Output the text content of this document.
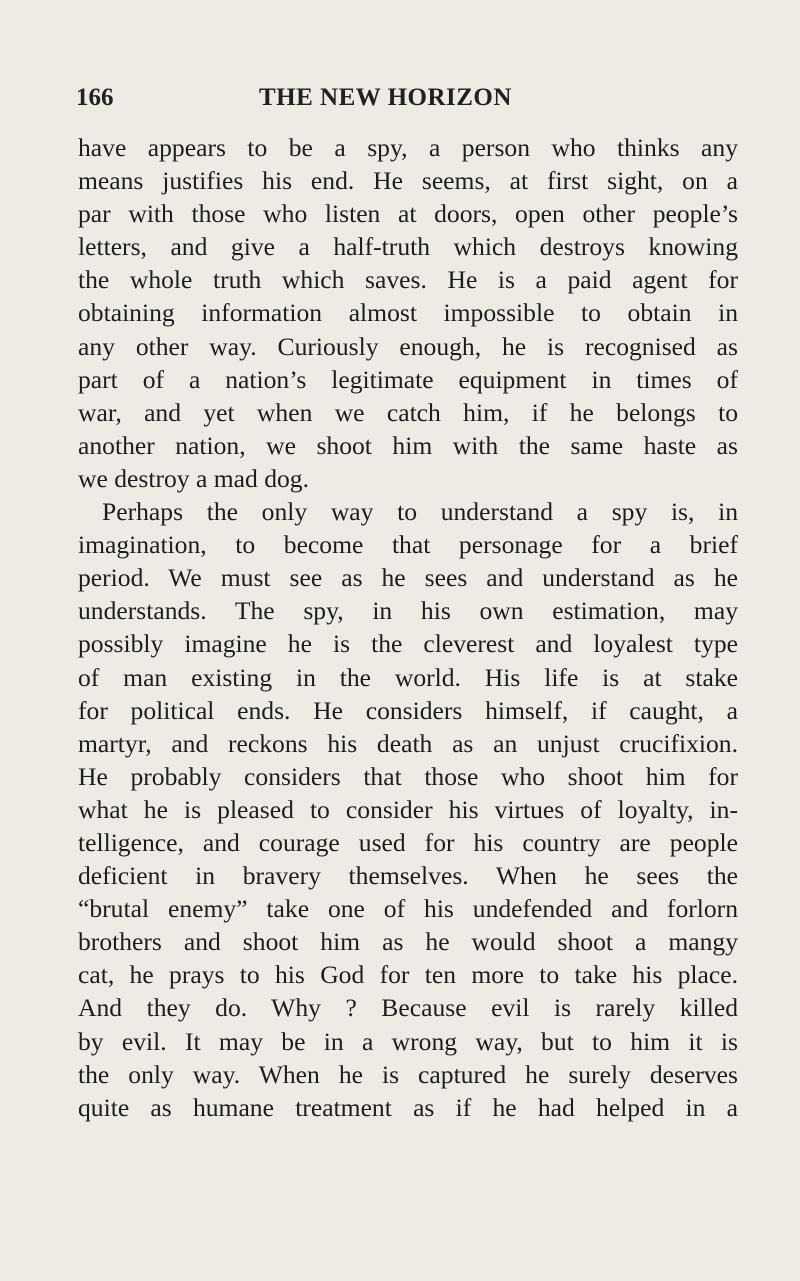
166	THE NEW HORIZON
have appears to be a spy, a person who thinks any
means justifies his end. He seems, at first sight, on a
par with those who listen at doors, open other people’s
letters, and give a half-truth which destroys knowing
the whole truth which saves. He is a paid agent for
obtaining information almost impossible to obtain in
any other way. Curiously enough, he is recognised as
part of a nation’s legitimate equipment in times of
war, and yet when we catch him, if he belongs to
another nation, we shoot him with the same haste as
we destroy a mad dog.
Perhaps the only way to understand a spy is, in
imagination, to become that personage for a brief
period. We must see as he sees and understand as he
understands. The spy, in his own estimation, may
possibly imagine he is the cleverest and loyalest type
of man existing in the world. His life is at stake
for political ends. He considers himself, if caught, a
martyr, and reckons his death as an unjust crucifixion.
He probably considers that those who shoot him for
what he is pleased to consider his virtues of loyalty, in-
telligence, and courage used for his country are people
deficient in bravery themselves. When he sees the
“brutal enemy” take one of his undefended and forlorn
brothers and shoot him as he would shoot a mangy
cat, he prays to his God for ten more to take his place.
And they do. Why ? Because evil is rarely killed
by evil. It may be in a wrong way, but to him it is
the only way. When he is captured he surely deserves
quite as humane treatment as if he had helped in a
